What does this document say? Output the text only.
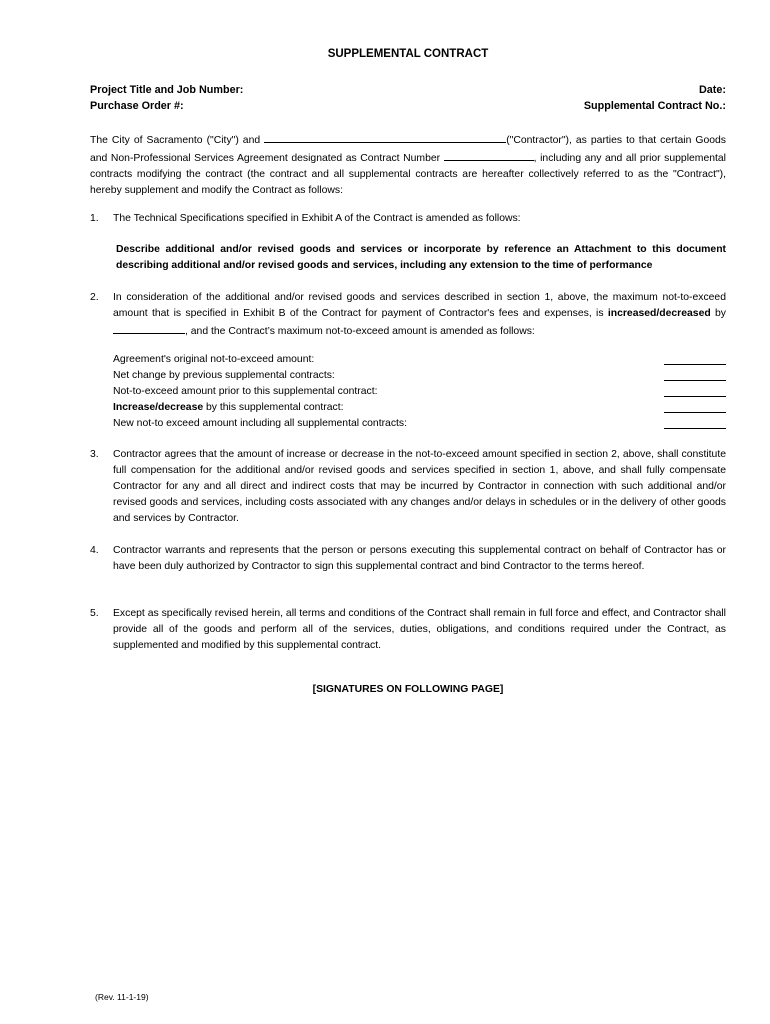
SUPPLEMENTAL CONTRACT
Project Title and Job Number:	Date:
Purchase Order #:	Supplemental Contract No.:
The City of Sacramento ("City") and	("Contractor"), as parties to that certain Goods and Non-Professional Services Agreement designated as Contract Number	, including any and all prior supplemental contracts modifying the contract (the contract and all supplemental contracts are hereafter collectively referred to as the "Contract"), hereby supplement and modify the Contract as follows:
1. The Technical Specifications specified in Exhibit A of the Contract is amended as follows:
Describe additional and/or revised goods and services or incorporate by reference an Attachment to this document describing additional and/or revised goods and services, including any extension to the time of performance
2. In consideration of the additional and/or revised goods and services described in section 1, above, the maximum not-to-exceed amount that is specified in Exhibit B of the Contract for payment of Contractor's fees and expenses, is increased/decreased by , and the Contract’s maximum not-to-exceed amount is amended as follows:
Agreement's original not-to-exceed amount:
Net change by previous supplemental contracts:
Not-to-exceed amount prior to this supplemental contract:
Increase/decrease by this supplemental contract:
New not-to exceed amount including all supplemental contracts:
3. Contractor agrees that the amount of increase or decrease in the not-to-exceed amount specified in section 2, above, shall constitute full compensation for the additional and/or revised goods and services specified in section 1, above, and shall fully compensate Contractor for any and all direct and indirect costs that may be incurred by Contractor in connection with such additional and/or revised goods and services, including costs associated with any changes and/or delays in schedules or in the delivery of other goods and services by Contractor.
4. Contractor warrants and represents that the person or persons executing this supplemental contract on behalf of Contractor has or have been duly authorized by Contractor to sign this supplemental contract and bind Contractor to the terms hereof.
5. Except as specifically revised herein, all terms and conditions of the Contract shall remain in full force and effect, and Contractor shall provide all of the goods and perform all of the services, duties, obligations, and conditions required under the Contract, as supplemented and modified by this supplemental contract.
[SIGNATURES ON FOLLOWING PAGE]
(Rev. 11-1-19)
